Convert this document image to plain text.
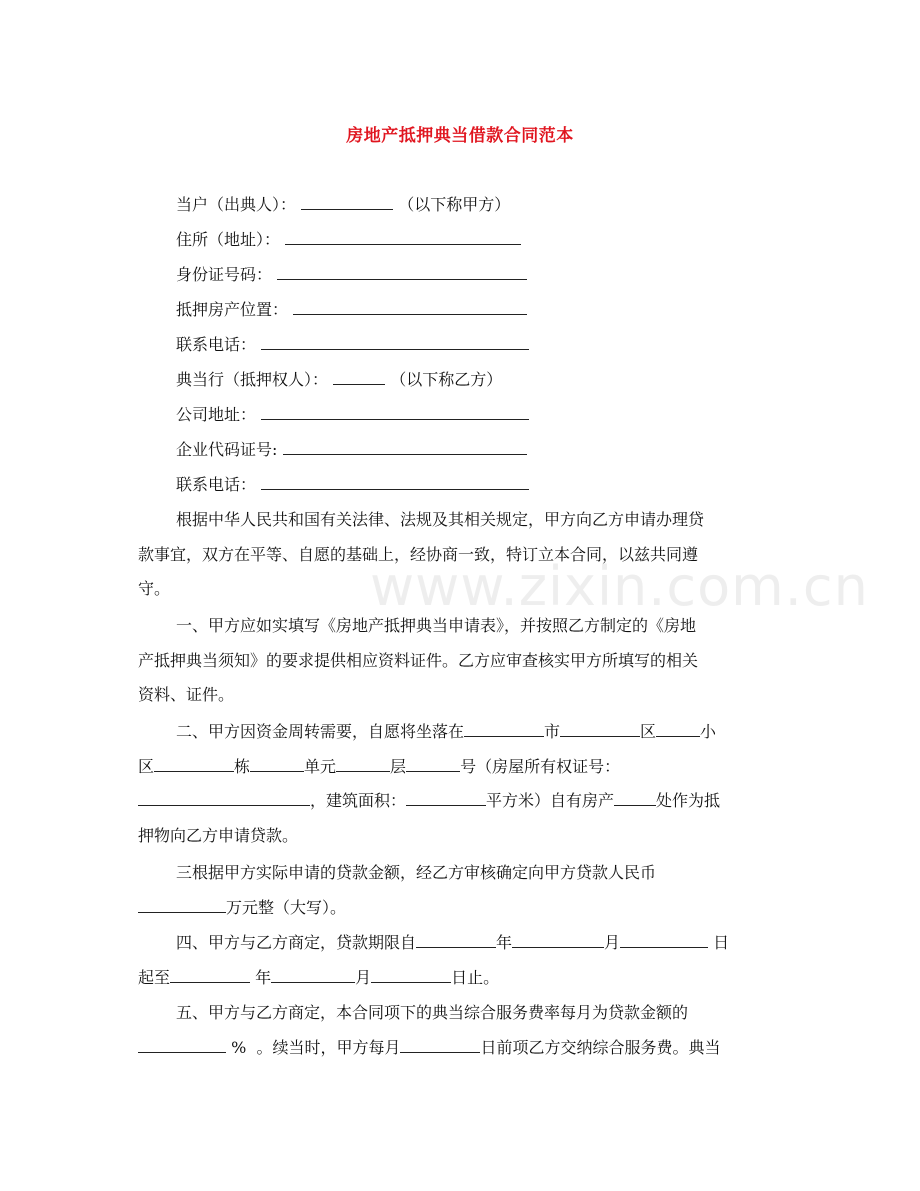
www.zixin.com.cn
房地产抵押典当借款合同范本
当户（出典人）：	（以下称甲方）
住所（地址）：
身份证号码：
抵押房产位置：
联系电话：
典当行（抵押权人）：	（以下称乙方）
公司地址：
企业代码证号:
联系电话：
根据中华人民共和国有关法律、法规及其相关规定，甲方向乙方申请办理贷
款事宜，双方在平等、自愿的基础上，经协商一致，特订立本合同，以兹共同遵
守。
一、甲方应如实填写《房地产抵押典当申请表》，并按照乙方制定的《房地
产抵押典当须知》的要求提供相应资料证件。乙方应审查核实甲方所填写的相关
资料、证件。
二、甲方因资金周转需要，自愿将坐落在	市	区	小
区	栋	单元	层	号（房屋所有权证号：
，建筑面积：	平方米）自有房产	处作为抵
押物向乙方申请贷款。
三根据甲方实际申请的贷款金额，经乙方审核确定向甲方贷款人民币
万元整（大写）。
四、甲方与乙方商定，贷款期限自	年	月	日
起至	年	月	日止。
五、甲方与乙方商定，本合同项下的典当综合服务费率每月为贷款金额的
% 。续当时，甲方每月	日前项乙方交纳综合服务费。典当
